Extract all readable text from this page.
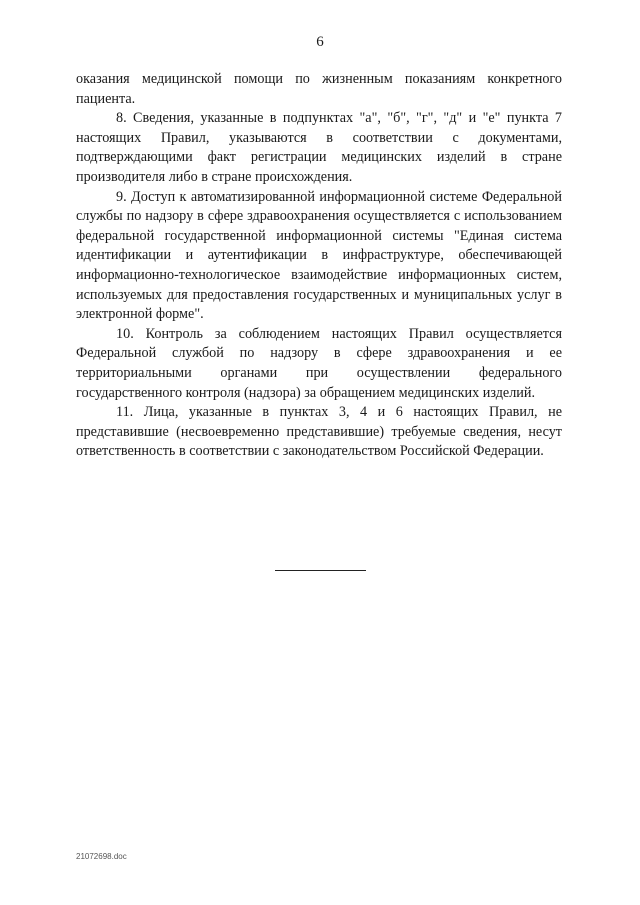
6

оказания медицинской помощи по жизненным показаниям конкретного пациента.

8. Сведения, указанные в подпунктах "а", "б", "г", "д" и "е" пункта 7 настоящих Правил, указываются в соответствии с документами, подтверждающими факт регистрации медицинских изделий в стране производителя либо в стране происхождения.

9. Доступ к автоматизированной информационной системе Федеральной службы по надзору в сфере здравоохранения осуществляется с использованием федеральной государственной информационной системы "Единая система идентификации и аутентификации в инфраструктуре, обеспечивающей информационно-технологическое взаимодействие информационных систем, используемых для предоставления государственных и муниципальных услуг в электронной форме".

10. Контроль за соблюдением настоящих Правил осуществляется Федеральной службой по надзору в сфере здравоохранения и ее территориальными органами при осуществлении федерального государственного контроля (надзора) за обращением медицинских изделий.

11. Лица, указанные в пунктах 3, 4 и 6 настоящих Правил, не представившие (несвоевременно представившие) требуемые сведения, несут ответственность в соответствии с законодательством Российской Федерации.

21072698.doc
